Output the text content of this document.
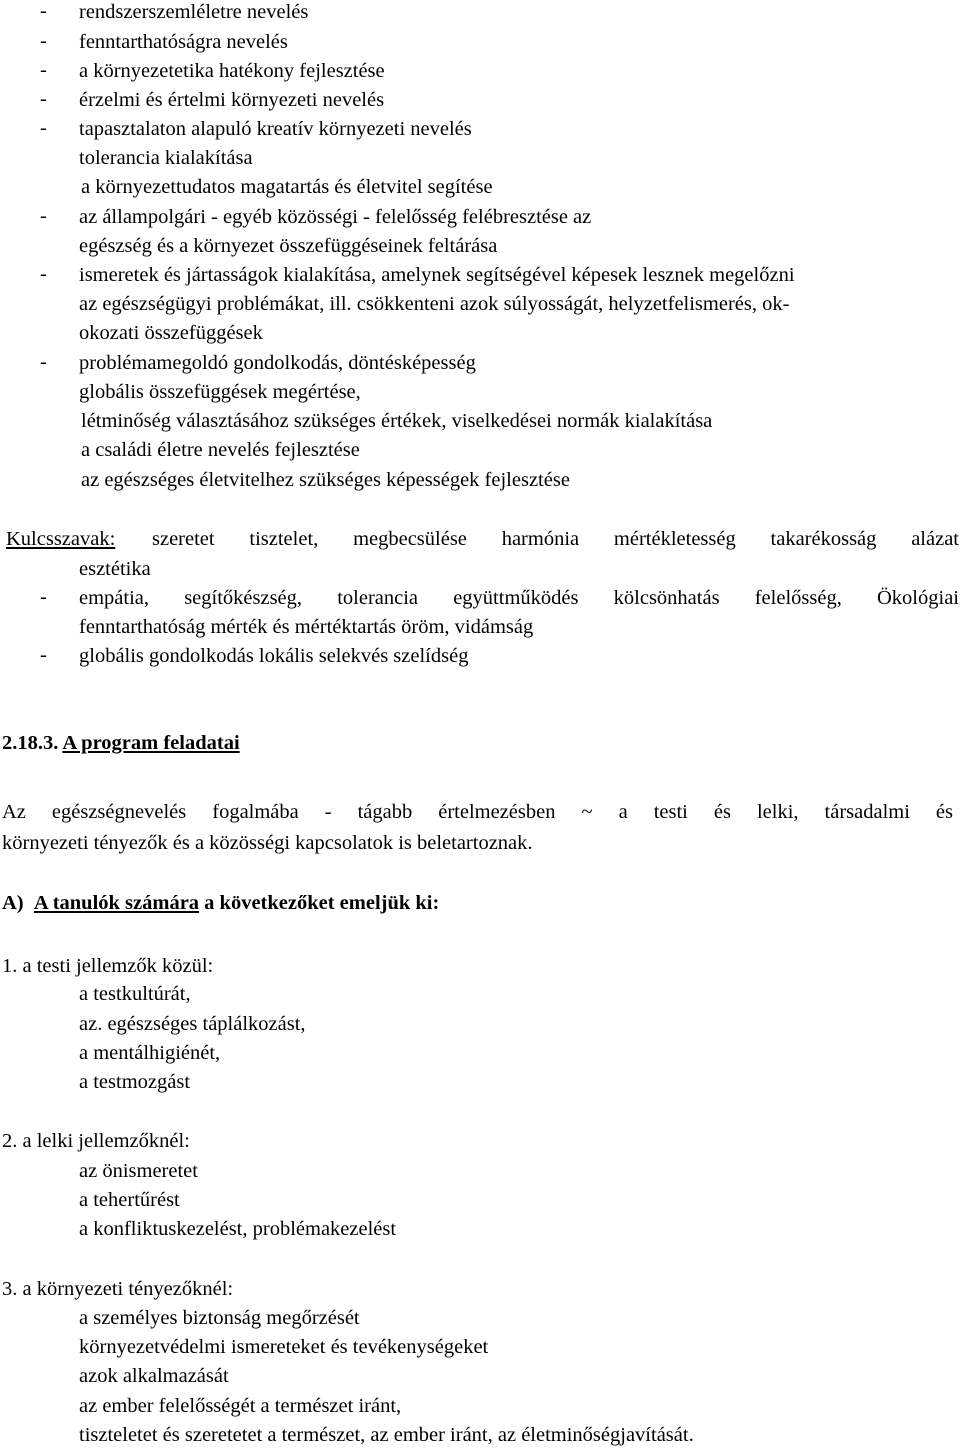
- rendszerszemléletre nevelés
- fenntarthatóságra nevelés
- a környezetetika hatékony fejlesztése
- érzelmi és értelmi környezeti nevelés
- tapasztalaton alapuló kreatív környezeti nevelés
tolerancia kialakítása
a környezettudatos magatartás és életvitel segítése
- az állampolgári - egyéb közösségi - felelősség felébresztése az
egészség és a környezet összefüggéseinek feltárása
- ismeretek és jártasságok kialakítása, amelynek segítségével képesek lesznek megelőzni
az egészségügyi problémákat, ill. csökkenteni azok súlyosságát, helyzetfelismerés, ok-
okozati összefüggések
- problémamegoldó gondolkodás, döntésképesség
globális összefüggések megértése,
létminőség választásához szükséges értékek, viselkedései normák kialakítása
a családi életre nevelés fejlesztése
az egészséges életvitelhez szükséges képességek fejlesztése
Kulcsszavak: szeretet tisztelet, megbecsülése harmónia mértékletesség takarékosság alázat
esztétika
- empátia, segítőkészség, tolerancia együttműködés kölcsönhatás felelősség, Ökológiai
fenntarthatóság mérték és mértéktartás öröm, vidámság
- globális gondolkodás lokális selekvés szelídség
2.18.3. A program feladatai
Az egészségnevelés fogalmába - tágabb értelmezésben ~ a testi és lelki, társadalmi és
környezeti tényezők és a közösségi kapcsolatok is beletartoznak.
A) A tanulók számára a következőket emeljük ki:
1. a testi jellemzők közül:
a testkultúrát,
az. egészséges táplálkozást,
a mentálhigiénét,
a testmozgást
2. a lelki jellemzőknél:
az önismeretet
a tehertűrést
a konfliktuskezelést, problémakezelést
3. a környezeti tényezőknél:
a személyes biztonság megőrzését
környezetvédelmi ismereteket és tevékenységeket
azok alkalmazását
az ember felelősségét a természet iránt,
tiszteletet és szeretetet a természet, az ember iránt, az életminőségjavítását.
